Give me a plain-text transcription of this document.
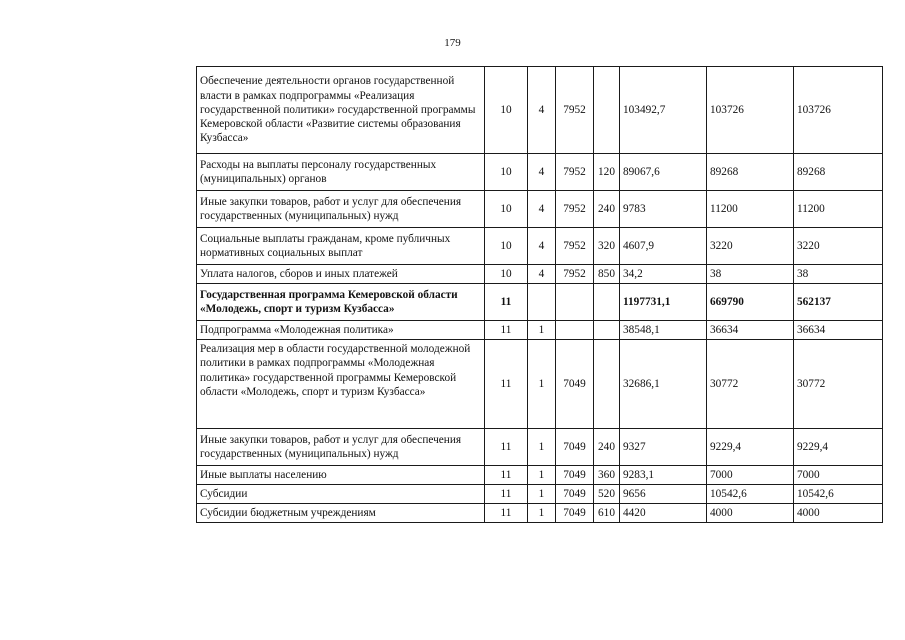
179
Обеспечение деятельности органов государственной власти в рамках подпрограммы «Реализация государственной политики» государственной программы Кемеровской области «Развитие системы образования Кузбасса»	10	4	7952		103492,7	103726	103726
Расходы на выплаты персоналу государственных (муниципальных) органов	10	4	7952	120	89067,6	89268	89268
Иные закупки товаров, работ и услуг для обеспечения государственных (муниципальных) нужд	10	4	7952	240	9783	11200	11200
Социальные выплаты гражданам, кроме публичных нормативных социальных выплат	10	4	7952	320	4607,9	3220	3220
Уплата налогов, сборов и иных платежей	10	4	7952	850	34,2	38	38
Государственная программа Кемеровской области «Молодежь, спорт и туризм Кузбасса»	11				1197731,1	669790	562137
Подпрограмма «Молодежная политика»	11	1			38548,1	36634	36634
Реализация мер в области государственной молодежной политики в рамках подпрограммы «Молодежная политика» государственной программы Кемеровской области «Молодежь, спорт и туризм Кузбасса»	11	1	7049		32686,1	30772	30772
Иные закупки товаров, работ и услуг для обеспечения государственных (муниципальных) нужд	11	1	7049	240	9327	9229,4	9229,4
Иные выплаты населению	11	1	7049	360	9283,1	7000	7000
Субсидии	11	1	7049	520	9656	10542,6	10542,6
Субсидии бюджетным учреждениям	11	1	7049	610	4420	4000	4000
